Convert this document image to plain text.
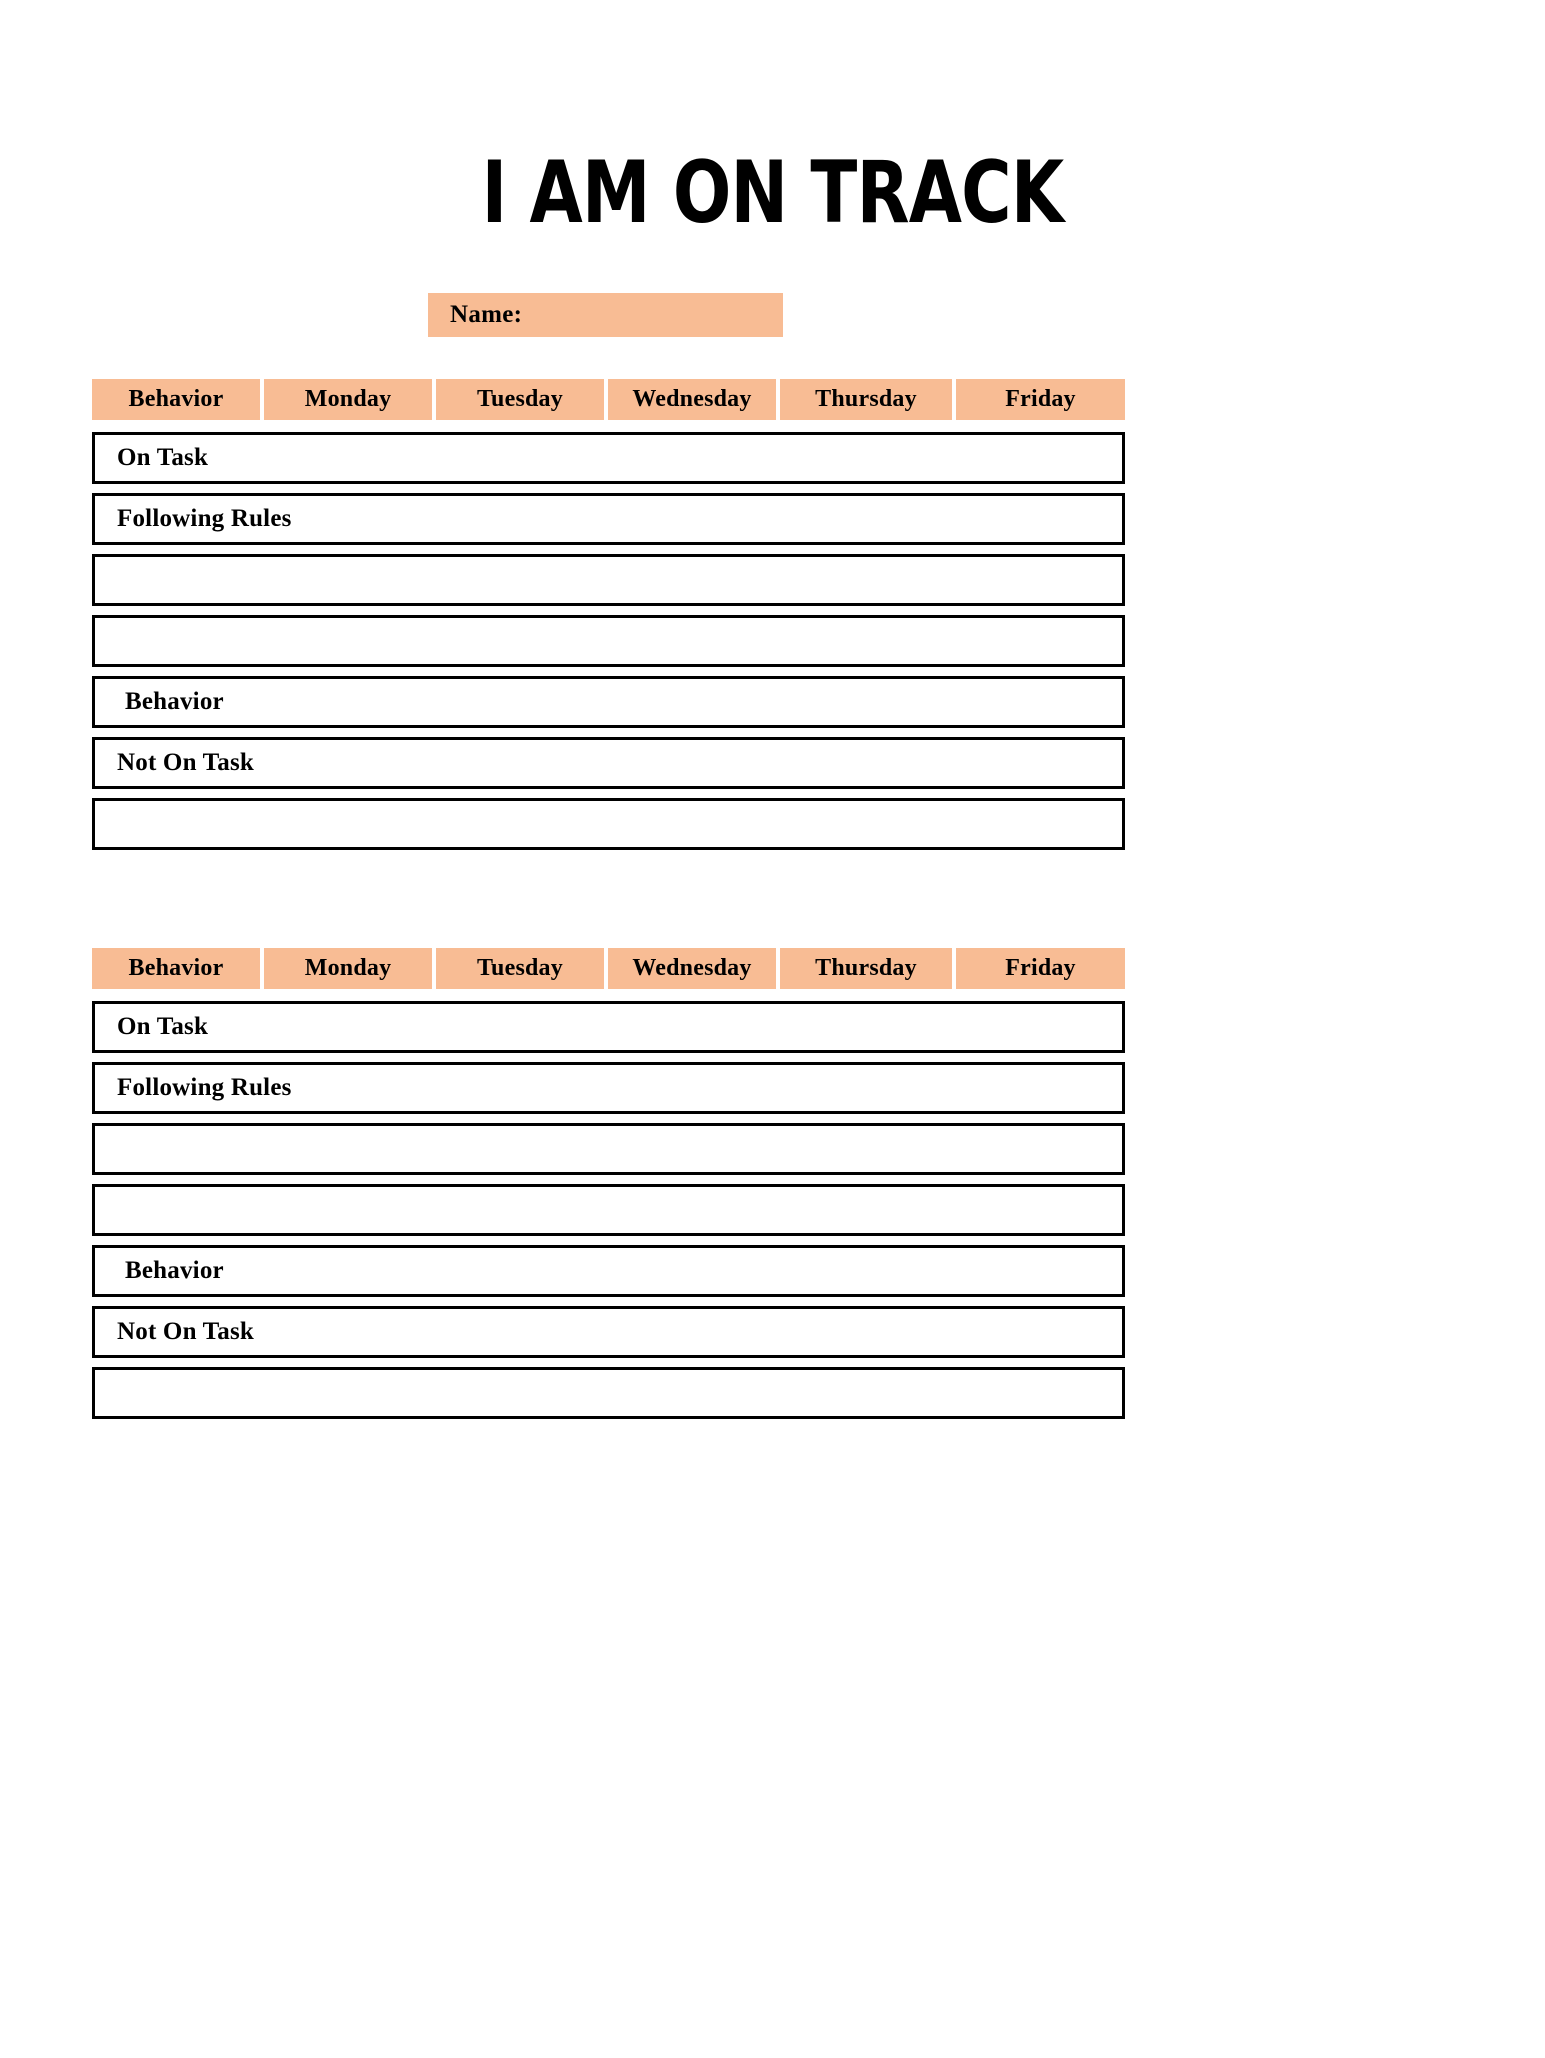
I AM ON TRACK
Name:
Behavior	Monday	Tuesday	Wednesday	Thursday	Friday
On Task
Following Rules
Behavior
Not On Task
Behavior	Monday	Tuesday	Wednesday	Thursday	Friday
On Task
Following Rules
Behavior
Not On Task
